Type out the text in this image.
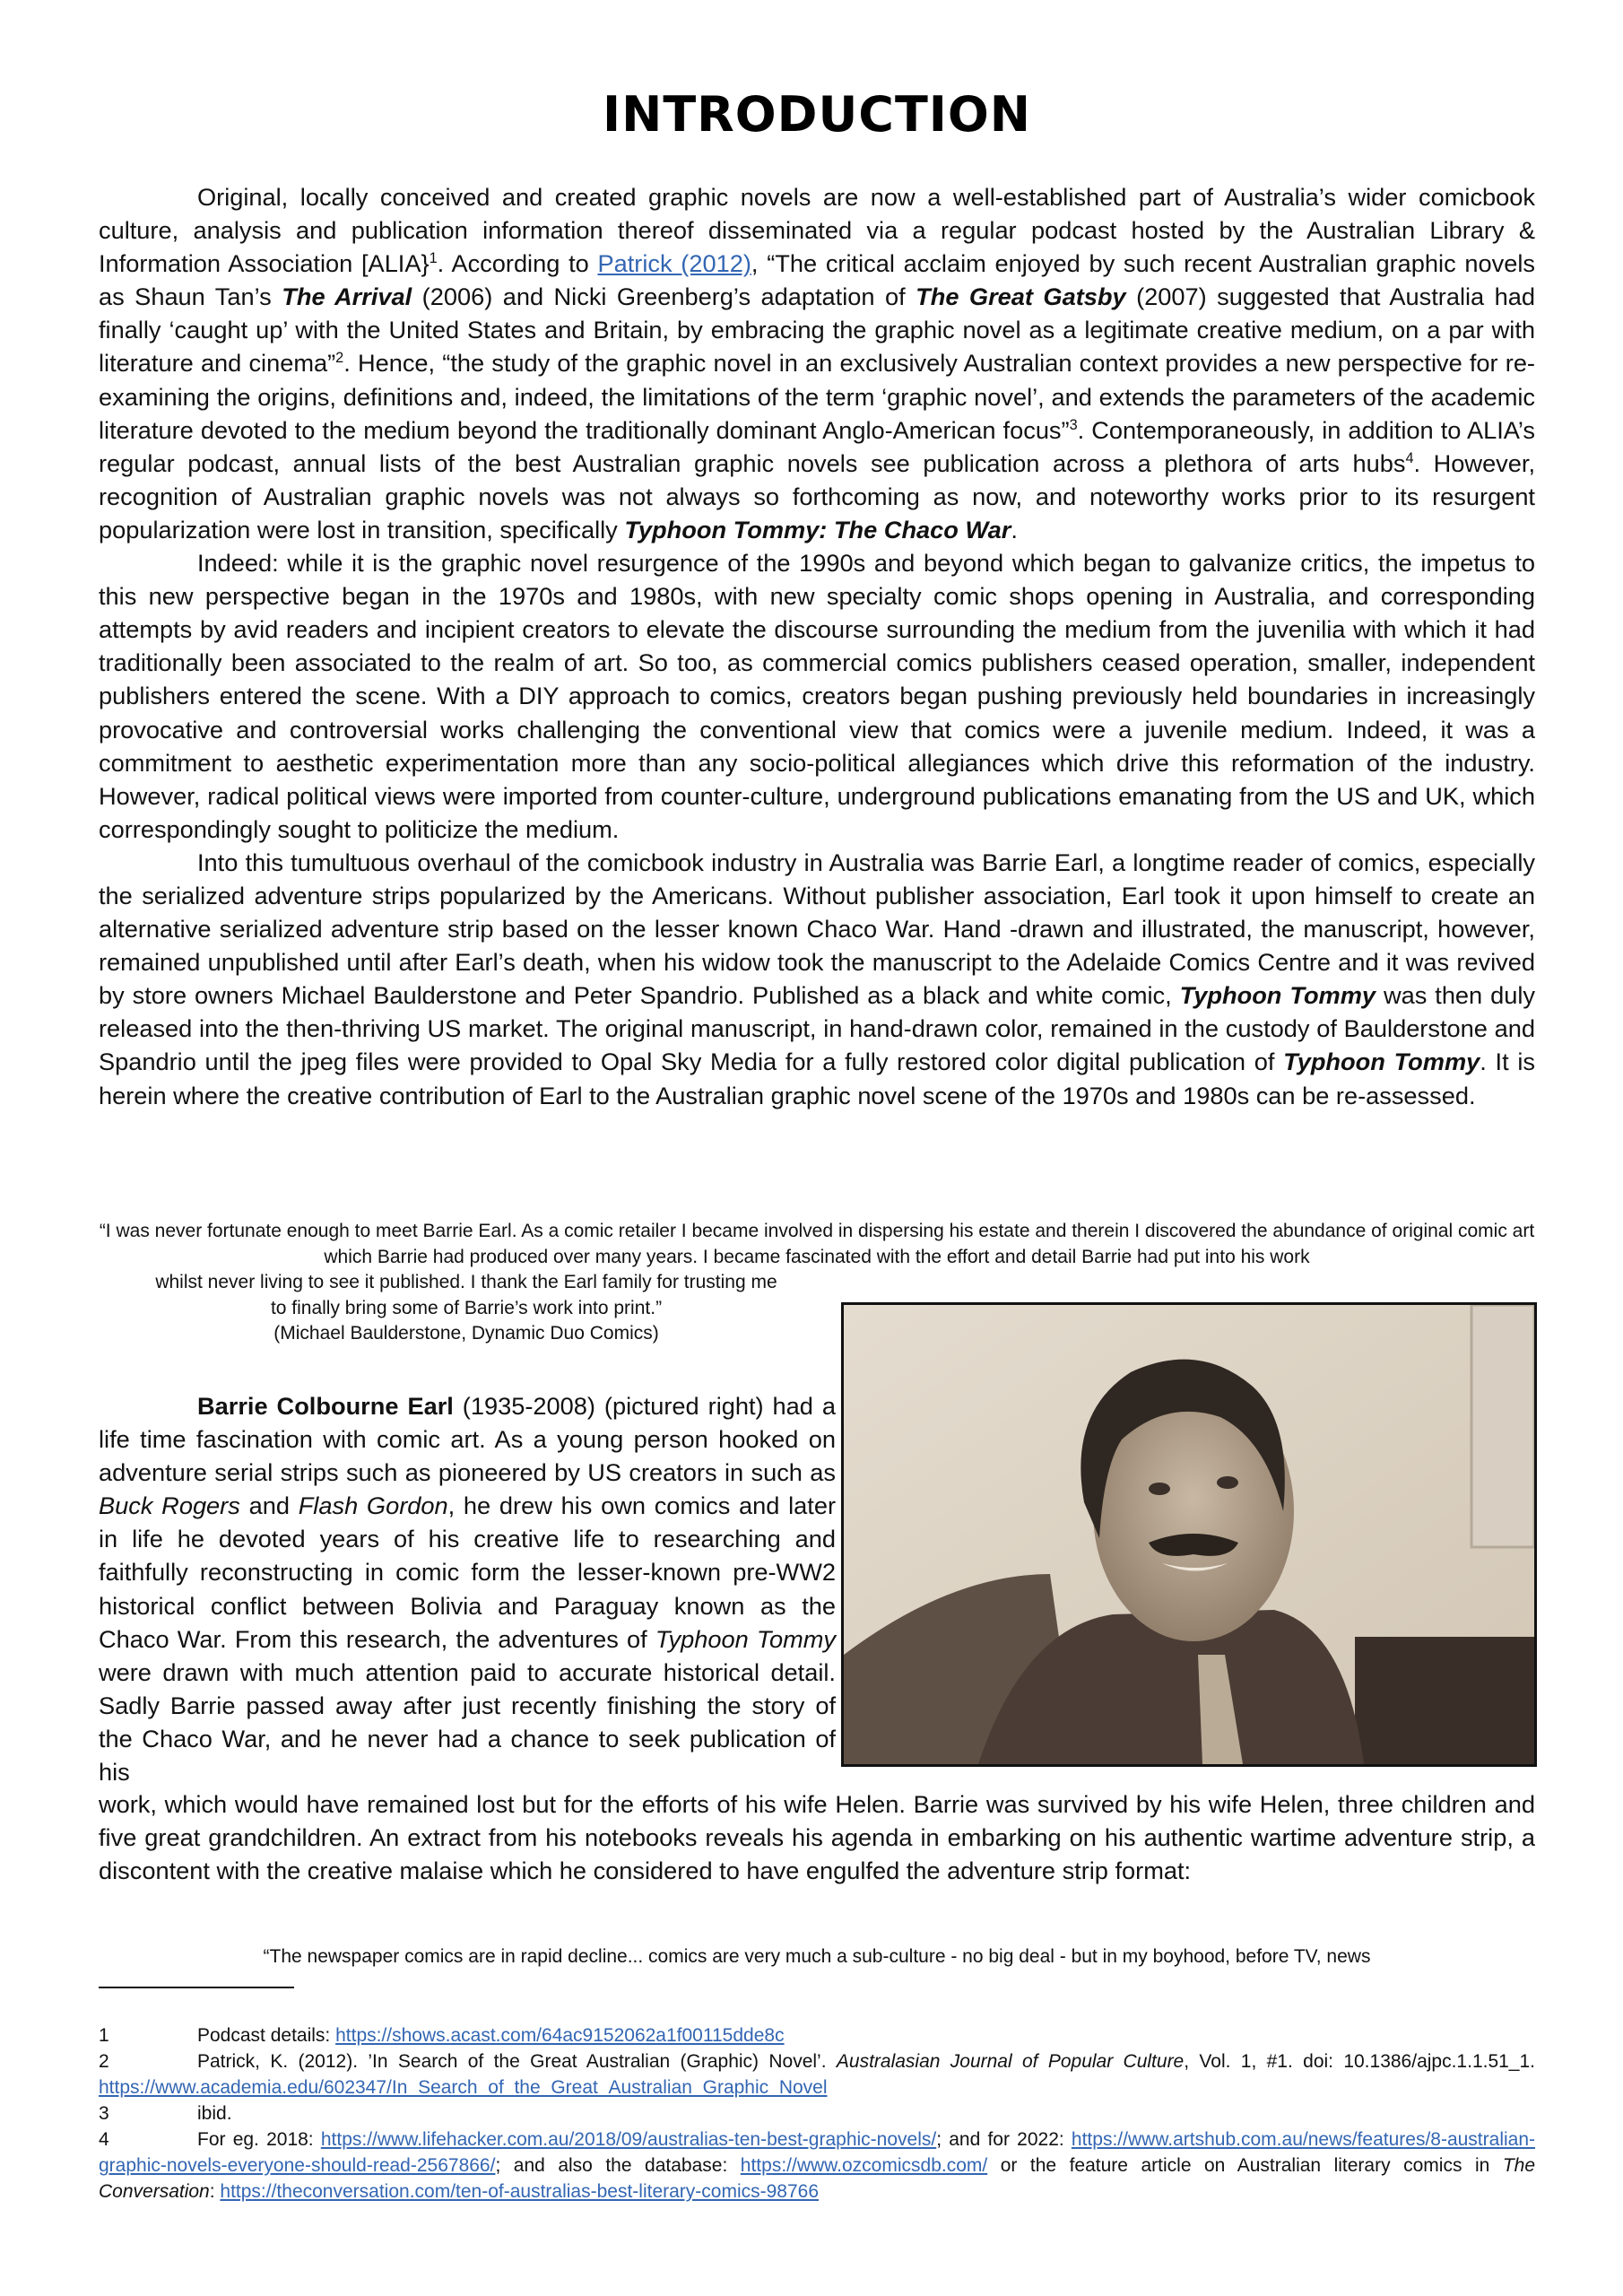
INTRODUCTION

Original, locally conceived and created graphic novels are now a well-established part of Australia’s wider comicbook culture, analysis and publication information thereof disseminated via a regular podcast hosted by the Australian Library & Information Association [ALIA}$^1$. According to Patrick (2012), “The critical acclaim enjoyed by such recent Australian graphic novels as Shaun Tan’s The Arrival (2006) and Nicki Greenberg’s adaptation of The Great Gatsby (2007) suggested that Australia had finally ‘caught up’ with the United States and Britain, by embracing the graphic novel as a legitimate creative medium, on a par with literature and cinema”$^2$. Hence, “the study of the graphic novel in an exclusively Australian context provides a new perspective for re-examining the origins, definitions and, indeed, the limitations of the term ‘graphic novel’, and extends the parameters of the academic literature devoted to the medium beyond the traditionally dominant Anglo-American focus”$^3$. Contemporaneously, in addition to ALIA’s regular podcast, annual lists of the best Australian graphic novels see publication across a plethora of arts hubs$^4$. However, recognition of Australian graphic novels was not always so forthcoming as now, and noteworthy works prior to its resurgent popularization were lost in transition, specifically Typhoon Tommy: The Chaco War.

Indeed: while it is the graphic novel resurgence of the 1990s and beyond which began to galvanize critics, the impetus to this new perspective began in the 1970s and 1980s, with new specialty comic shops opening in Australia, and corresponding attempts by avid readers and incipient creators to elevate the discourse surrounding the medium from the juvenilia with which it had traditionally been associated to the realm of art. So too, as commercial comics publishers ceased operation, smaller, independent publishers entered the scene. With a DIY approach to comics, creators began pushing previously held boundaries in increasingly provocative and controversial works challenging the conventional view that comics were a juvenile medium. Indeed, it was a commitment to aesthetic experimentation more than any socio-political allegiances which drive this reformation of the industry. However, radical political views were imported from counter-culture, underground publications emanating from the US and UK, which correspondingly sought to politicize the medium.

Into this tumultuous overhaul of the comicbook industry in Australia was Barrie Earl, a longtime reader of comics, especially the serialized adventure strips popularized by the Americans. Without publisher association, Earl took it upon himself to create an alternative serialized adventure strip based on the lesser known Chaco War. Hand -drawn and illustrated, the manuscript, however, remained unpublished until after Earl’s death, when his widow took the manuscript to the Adelaide Comics Centre and it was revived by store owners Michael Baulderstone and Peter Spandrio. Published as a black and white comic, Typhoon Tommy was then duly released into the then-thriving US market. The original manuscript, in hand-drawn color, remained in the custody of Baulderstone and Spandrio until the jpeg files were provided to Opal Sky Media for a fully restored color digital publication of Typhoon Tommy. It is herein where the creative contribution of Earl to the Australian graphic novel scene of the 1970s and 1980s can be re-assessed.

“I was never fortunate enough to meet Barrie Earl. As a comic retailer I became involved in dispersing his estate and therein I discovered the abundance of original comic art which Barrie had produced over many years. I became fascinated with the effort and detail Barrie had put into his work
whilst never living to see it published. I thank the Earl family for trusting me
to finally bring some of Barrie’s work into print.”
(Michael Baulderstone, Dynamic Duo Comics)

Barrie Colbourne Earl (1935-2008) (pictured right) had a life time fascination with comic art. As a young person hooked on adventure serial strips such as pioneered by US creators in such as Buck Rogers and Flash Gordon, he drew his own comics and later in life he devoted years of his creative life to researching and faithfully reconstructing in comic form the lesser-known pre-WW2 historical conflict between Bolivia and Paraguay known as the Chaco War. From this research, the adventures of Typhoon Tommy were drawn with much attention paid to accurate historical detail. Sadly Barrie passed away after just recently finishing the story of the Chaco War, and he never had a chance to seek publication of his

work, which would have remained lost but for the efforts of his wife Helen. Barrie was survived by his wife Helen, three children and five great grandchildren. An extract from his notebooks reveals his agenda in embarking on his authentic wartime adventure strip, a discontent with the creative malaise which he considered to have engulfed the adventure strip format:

“The newspaper comics are in rapid decline... comics are very much a sub-culture - no big deal - but in my boyhood, before TV, news

1	Podcast details: https://shows.acast.com/64ac9152062a1f00115dde8c

2	Patrick, K. (2012). ’In Search of the Great Australian (Graphic) Novel’. Australasian Journal of Popular Culture, Vol. 1, #1. doi: 10.1386/ajpc.1.1.51_1. https://www.academia.edu/602347/In_Search_of_the_Great_Australian_Graphic_Novel

3	ibid.

4	For eg. 2018: https://www.lifehacker.com.au/2018/09/australias-ten-best-graphic-novels/; and for 2022: https://www.artshub.com.au/news/features/8-australian-graphic-novels-everyone-should-read-2567866/; and also the database: https://www.ozcomicsdb.com/ or the feature article on Australian literary comics in The Conversation: https://theconversation.com/ten-of-australias-best-literary-comics-98766
